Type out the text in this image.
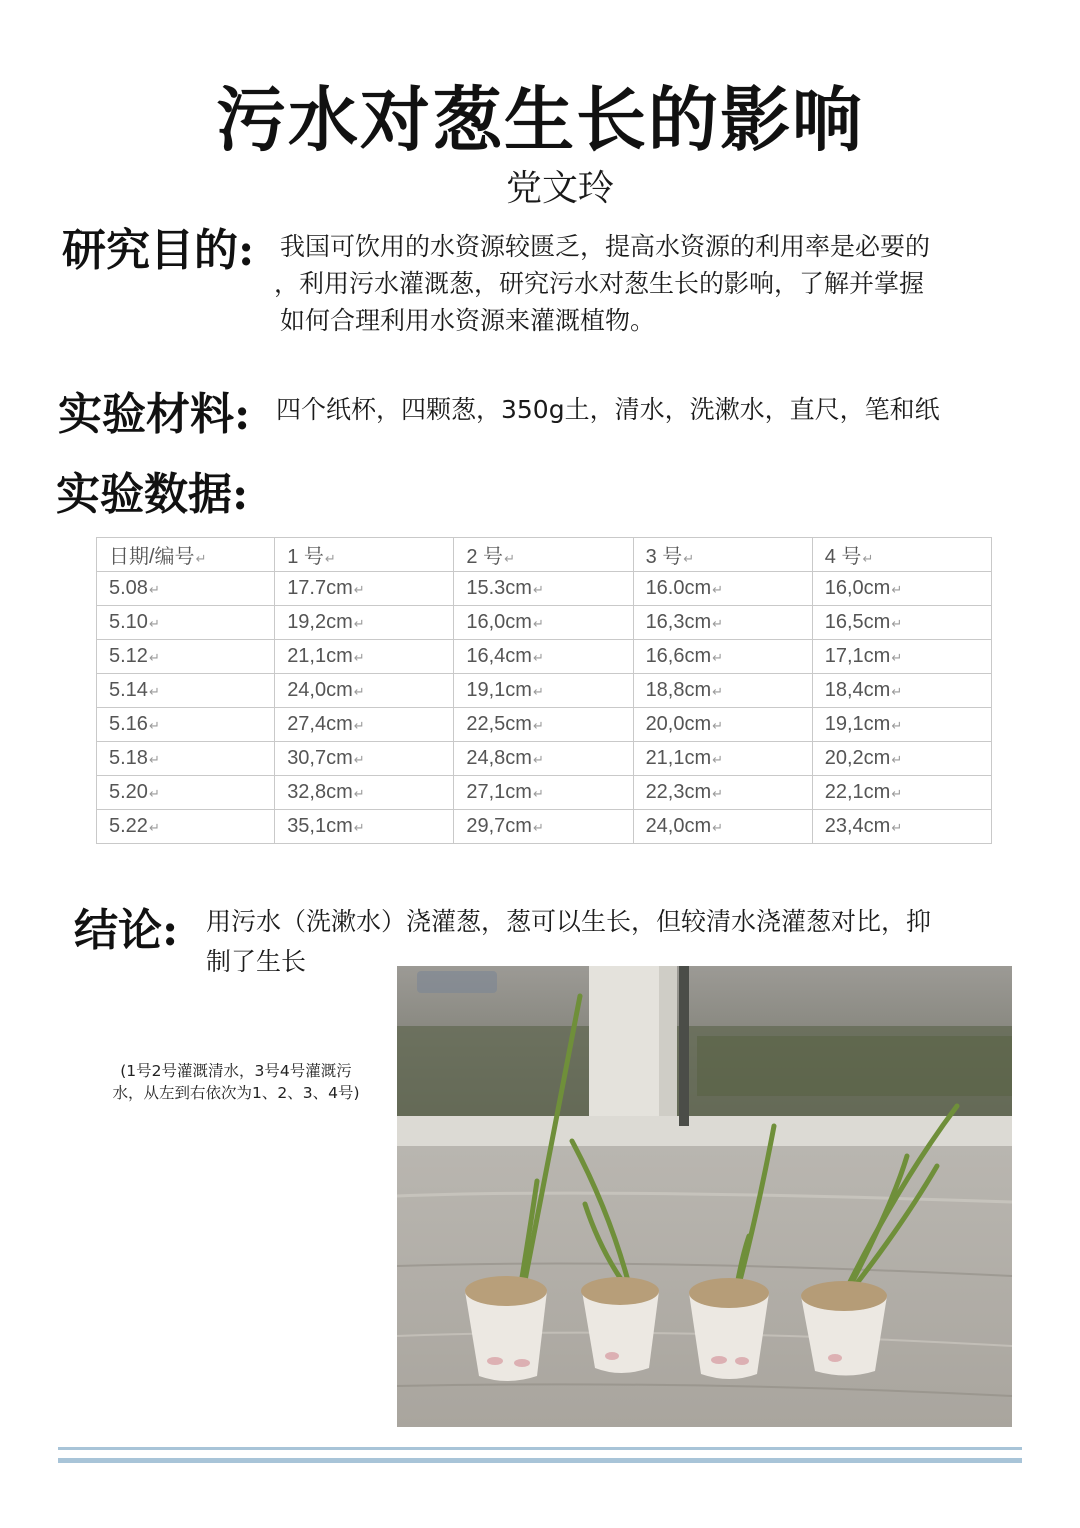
污水对葱生长的影响
党文玲
研究目的: 我国可饮用的水资源较匮乏，提高水资源的利用率是必要的
，利用污水灌溉葱，研究污水对葱生长的影响，了解并掌握
如何合理利用水资源来灌溉植物。
实验材料: 四个纸杯，四颗葱，350g土，清水，洗漱水，直尺，笔和纸
实验数据:
日期/编号↵	1 号↵	2 号↵	3 号↵	4 号↵
5.08↵	17.7cm↵	15.3cm↵	16.0cm↵	16,0cm↵
5.10↵	19,2cm↵	16,0cm↵	16,3cm↵	16,5cm↵
5.12↵	21,1cm↵	16,4cm↵	16,6cm↵	17,1cm↵
5.14↵	24,0cm↵	19,1cm↵	18,8cm↵	18,4cm↵
5.16↵	27,4cm↵	22,5cm↵	20,0cm↵	19,1cm↵
5.18↵	30,7cm↵	24,8cm↵	21,1cm↵	20,2cm↵
5.20↵	32,8cm↵	27,1cm↵	22,3cm↵	22,1cm↵
5.22↵	35,1cm↵	29,7cm↵	24,0cm↵	23,4cm↵
结论: 用污水（洗漱水）浇灌葱，葱可以生长，但较清水浇灌葱对比，抑
制了生长
(1号2号灌溉清水，3号4号灌溉污
水，从左到右依次为1、2、3、4号)
